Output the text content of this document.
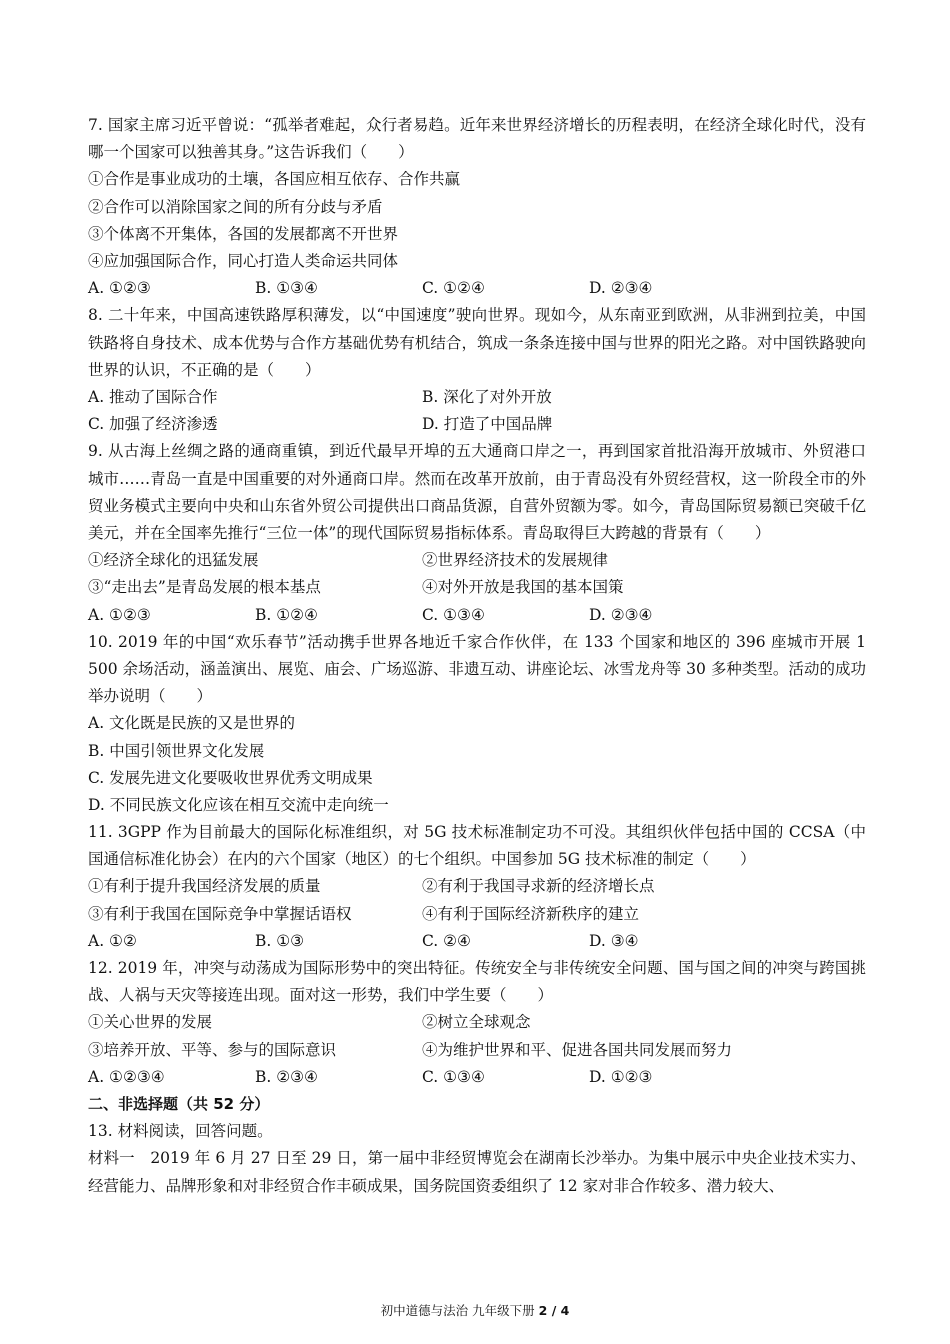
7. 国家主席习近平曾说：“孤举者难起，众行者易趋。近年来世界经济增长的历程表明，在经济全球化时代，没有哪一个国家可以独善其身。”这告诉我们（　　）
①合作是事业成功的土壤，各国应相互依存、合作共赢
②合作可以消除国家之间的所有分歧与矛盾
③个体离不开集体，各国的发展都离不开世界
④应加强国际合作，同心打造人类命运共同体
A. ①②③	B. ①③④	C. ①②④	D. ②③④
8. 二十年来，中国高速铁路厚积薄发，以“中国速度”驶向世界。现如今，从东南亚到欧洲，从非洲到拉美，中国铁路将自身技术、成本优势与合作方基础优势有机结合，筑成一条条连接中国与世界的阳光之路。对中国铁路驶向世界的认识，不正确的是（　　）
A. 推动了国际合作	B. 深化了对外开放
C. 加强了经济渗透	D. 打造了中国品牌
9. 从古海上丝绸之路的通商重镇，到近代最早开埠的五大通商口岸之一，再到国家首批沿海开放城市、外贸港口城市……青岛一直是中国重要的对外通商口岸。然而在改革开放前，由于青岛没有外贸经营权，这一阶段全市的外贸业务模式主要向中央和山东省外贸公司提供出口商品货源，自营外贸额为零。如今，青岛国际贸易额已突破千亿美元，并在全国率先推行“三位一体”的现代国际贸易指标体系。青岛取得巨大跨越的背景有（　　）
①经济全球化的迅猛发展	②世界经济技术的发展规律
③“走出去”是青岛发展的根本基点	④对外开放是我国的基本国策
A. ①②③	B. ①②④	C. ①③④	D. ②③④
10. 2019 年的中国“欢乐春节”活动携手世界各地近千家合作伙伴，在 133 个国家和地区的 396 座城市开展 1 500 余场活动，涵盖演出、展览、庙会、广场巡游、非遗互动、讲座论坛、冰雪龙舟等 30 多种类型。活动的成功举办说明（　　）
A. 文化既是民族的又是世界的
B. 中国引领世界文化发展
C. 发展先进文化要吸收世界优秀文明成果
D. 不同民族文化应该在相互交流中走向统一
11. 3GPP 作为目前最大的国际化标准组织，对 5G 技术标准制定功不可没。其组织伙伴包括中国的 CCSA（中国通信标准化协会）在内的六个国家（地区）的七个组织。中国参加 5G 技术标准的制定（　　）
①有利于提升我国经济发展的质量	②有利于我国寻求新的经济增长点
③有利于我国在国际竞争中掌握话语权	④有利于国际经济新秩序的建立
A. ①②	B. ①③	C. ②④	D. ③④
12. 2019 年，冲突与动荡成为国际形势中的突出特征。传统安全与非传统安全问题、国与国之间的冲突与跨国挑战、人祸与天灾等接连出现。面对这一形势，我们中学生要（　　）
①关心世界的发展	②树立全球观念
③培养开放、平等、参与的国际意识	④为维护世界和平、促进各国共同发展而努力
A. ①②③④	B. ②③④	C. ①③④	D. ①②③
二、非选择题（共 52 分）
13. 材料阅读，回答问题。
材料一　2019 年 6 月 27 日至 29 日，第一届中非经贸博览会在湖南长沙举办。为集中展示中央企业技术实力、经营能力、品牌形象和对非经贸合作丰硕成果，国务院国资委组织了 12 家对非合作较多、潜力较大、
初中道德与法治 九年级下册 2 / 4
